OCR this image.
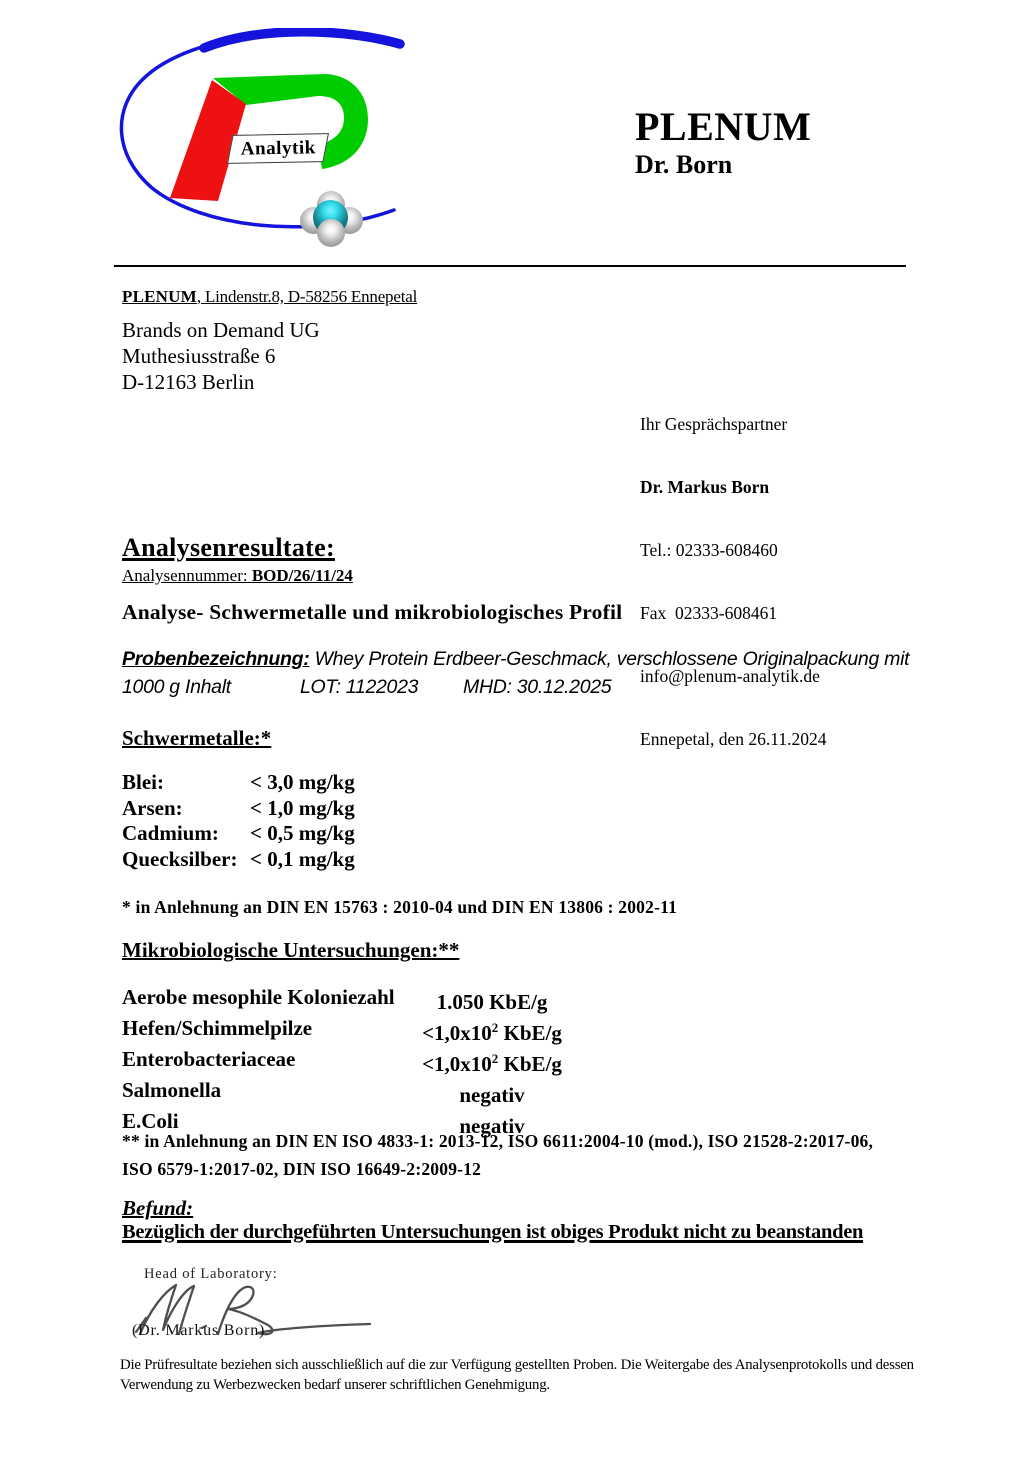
Analytik	PLENUM
Dr. Born
PLENUM, Lindenstr.8, D-58256 Ennepetal
Brands on Demand UG
Muthesiusstraße 6
D-12163 Berlin

Ihr Gesprächspartner

Dr. Markus Born

Tel.: 02333-608460

Fax  02333-608461

info@plenum-analytik.de

Ennepetal, den 26.11.2024

Analysenresultate:
Analysennummer: BOD/26/11/24
Analyse- Schwermetalle und mikrobiologisches Profil
Probenbezeichnung: Whey Protein Erdbeer-Geschmack, verschlossene Originalpackung mit
1000 g Inhalt	LOT: 1122023 MHD: 30.12.2025
Schwermetalle:*
Blei:	< 3,0 mg/kg
Arsen:	< 1,0 mg/kg
Cadmium:	< 0,5 mg/kg
Quecksilber: < 0,1 mg/kg
* in Anlehnung an DIN EN 15763 : 2010-04 und DIN EN 13806 : 2002-11
Mikrobiologische Untersuchungen:**
Aerobe mesophile Koloniezahl	1.050 KbE/g
Hefen/Schimmelpilze	$<1,0x10^2$ KbE/g
Enterobacteriaceae	$<1,0x10^2$ KbE/g
Salmonella	negativ
E.Coli	negativ
** in Anlehnung an DIN EN ISO 4833-1: 2013-12, ISO 6611:2004-10 (mod.), ISO 21528-2:2017-06, ISO 6579-1:2017-02, DIN ISO 16649-2:2009-12
Befund:
Bezüglich der durchgeführten Untersuchungen ist obiges Produkt nicht zu beanstanden
Head of Laboratory:
(Dr. Markus Born)
Die Prüfresultate beziehen sich ausschließlich auf die zur Verfügung gestellten Proben. Die Weitergabe des Analysenprotokolls und dessen Verwendung zu Werbezwecken bedarf unserer schriftlichen Genehmigung.
